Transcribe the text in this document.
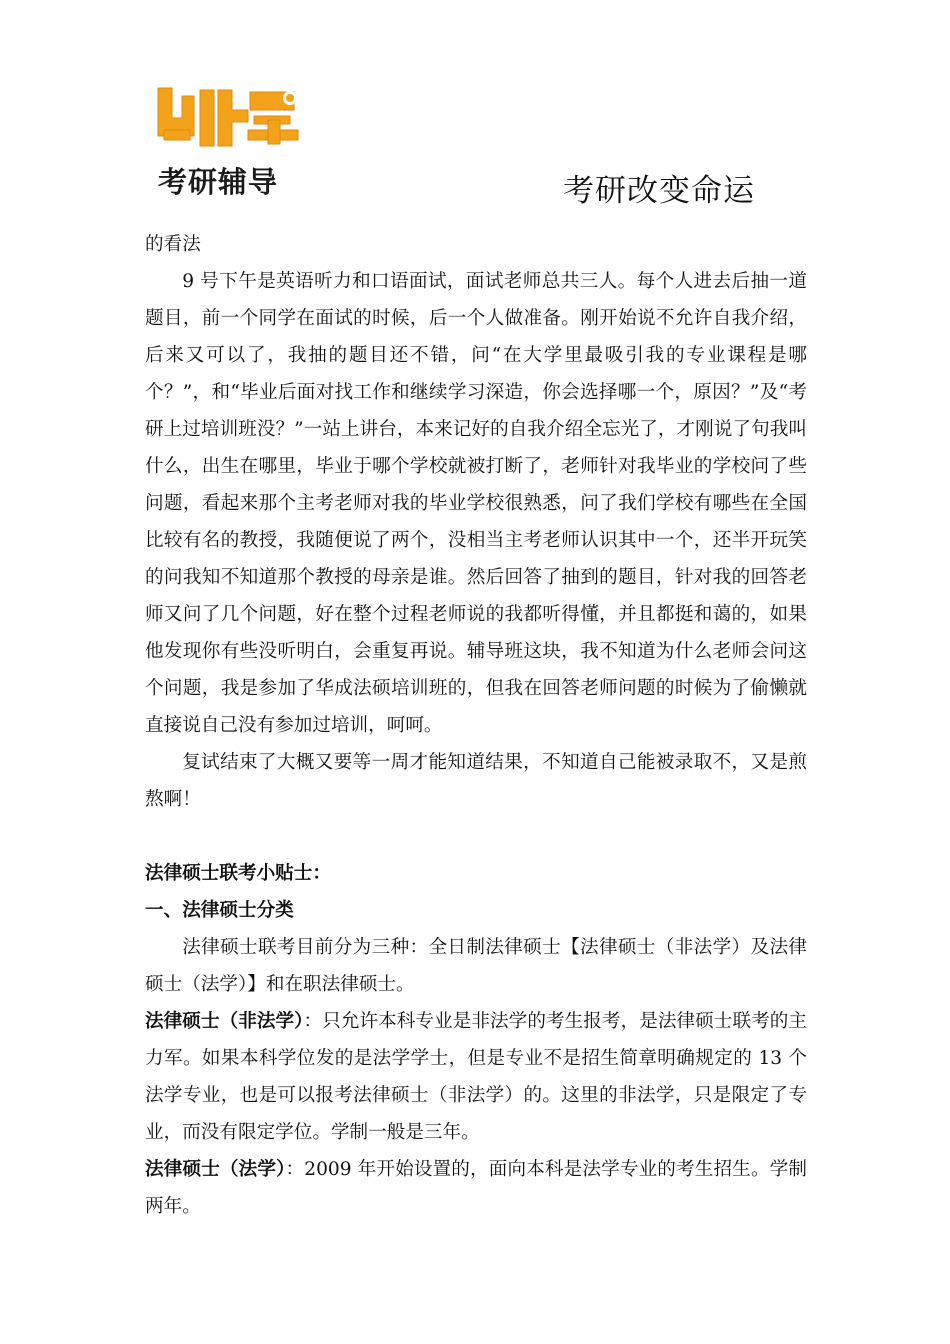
考研辅导	考研改变命运

的看法

9 号下午是英语听力和口语面试，面试老师总共三人。每个人进去后抽一道题目，前一个同学在面试的时候，后一个人做准备。刚开始说不允许自我介绍，后来又可以了，我抽的题目还不错，问“在大学里最吸引我的专业课程是哪个？”，和“毕业后面对找工作和继续学习深造，你会选择哪一个，原因？”及“考研上过培训班没？”一站上讲台，本来记好的自我介绍全忘光了，才刚说了句我叫什么，出生在哪里，毕业于哪个学校就被打断了，老师针对我毕业的学校问了些问题，看起来那个主考老师对我的毕业学校很熟悉，问了我们学校有哪些在全国比较有名的教授，我随便说了两个，没相当主考老师认识其中一个，还半开玩笑的问我知不知道那个教授的母亲是谁。然后回答了抽到的题目，针对我的回答老师又问了几个问题，好在整个过程老师说的我都听得懂，并且都挺和蔼的，如果他发现你有些没听明白，会重复再说。辅导班这块，我不知道为什么老师会问这个问题，我是参加了华成法硕培训班的，但我在回答老师问题的时候为了偷懒就直接说自己没有参加过培训，呵呵。

复试结束了大概又要等一周才能知道结果，不知道自己能被录取不，又是煎熬啊！

法律硕士联考小贴士：

一、法律硕士分类

法律硕士联考目前分为三种：全日制法律硕士【法律硕士（非法学）及法律硕士（法学）】和在职法律硕士。

法律硕士（非法学）：只允许本科专业是非法学的考生报考，是法律硕士联考的主力军。如果本科学位发的是法学学士，但是专业不是招生简章明确规定的 13 个法学专业，也是可以报考法律硕士（非法学）的。这里的非法学，只是限定了专业，而没有限定学位。学制一般是三年。

法律硕士（法学）：2009 年开始设置的，面向本科是法学专业的考生招生。学制两年。
